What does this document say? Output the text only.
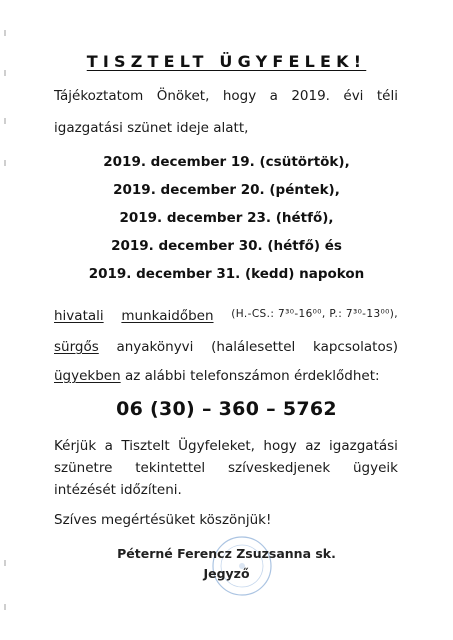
TISZTELT ÜGYFELEK!
Tájékoztatom Önöket, hogy a 2019. évi téli
igazgatási szünet ideje alatt,
2019. december 19. (csütörtök),
2019. december 20. (péntek),
2019. december 23. (hétfő),
2019. december 30. (hétfő) és
2019. december 31. (kedd) napokon
hivatali munkaidőben (H.-CS.: 7³⁰-16⁰⁰, P.: 7³⁰-13⁰⁰),
sürgős anyakönyvi (halálesettel kapcsolatos)
ügyekben az alábbi telefonszámon érdeklődhet:
06 (30) – 360 – 5762
Kérjük a Tisztelt Ügyfeleket, hogy az igazgatási
szünetre tekintettel szíveskedjenek ügyeik
intézését időzíteni.
Szíves megértésüket köszönjük!
Péterné Ferencz Zsuzsanna sk.
Jegyző
